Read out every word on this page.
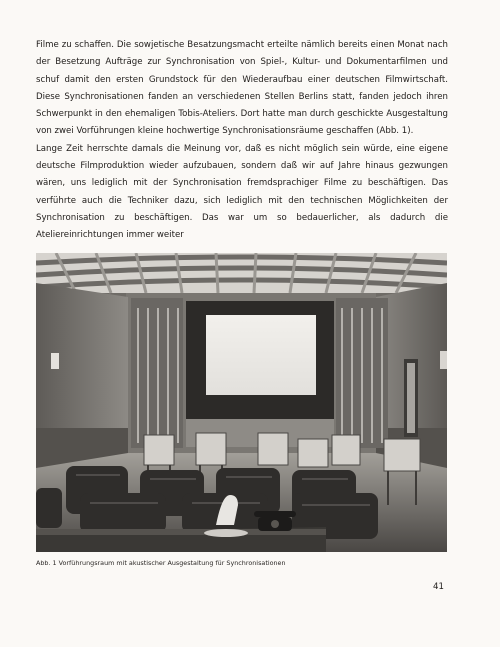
Filme zu schaffen. Die sowjetische Besatzungsmacht erteilte nämlich bereits einen Monat nach der Besetzung Aufträge zur Synchronisation von Spiel-, Kultur- und Dokumentarfilmen und schuf damit den ersten Grundstock für den Wiederaufbau einer deutschen Filmwirtschaft. Diese Synchronisationen fanden an verschiedenen Stellen Berlins statt, fanden jedoch ihren Schwerpunkt in den ehemaligen Tobis-Ateliers. Dort hatte man durch geschickte Ausgestaltung von zwei Vorführungen kleine hochwertige Synchronisationsräume geschaffen (Abb. 1).

Lange Zeit herrschte damals die Meinung vor, daß es nicht möglich sein würde, eine eigene deutsche Filmproduktion wieder aufzubauen, sondern daß wir auf Jahre hinaus gezwungen wären, uns lediglich mit der Synchronisation fremdsprachiger Filme zu beschäftigen. Das verführte auch die Techniker dazu, sich lediglich mit den technischen Möglichkeiten der Synchronisation zu beschäftigen. Das war um so bedauerlicher, als dadurch die Ateliereinrichtungen immer weiter

Abb. 1 Vorführungsraum mit akustischer Ausgestaltung für Synchronisationen
41
